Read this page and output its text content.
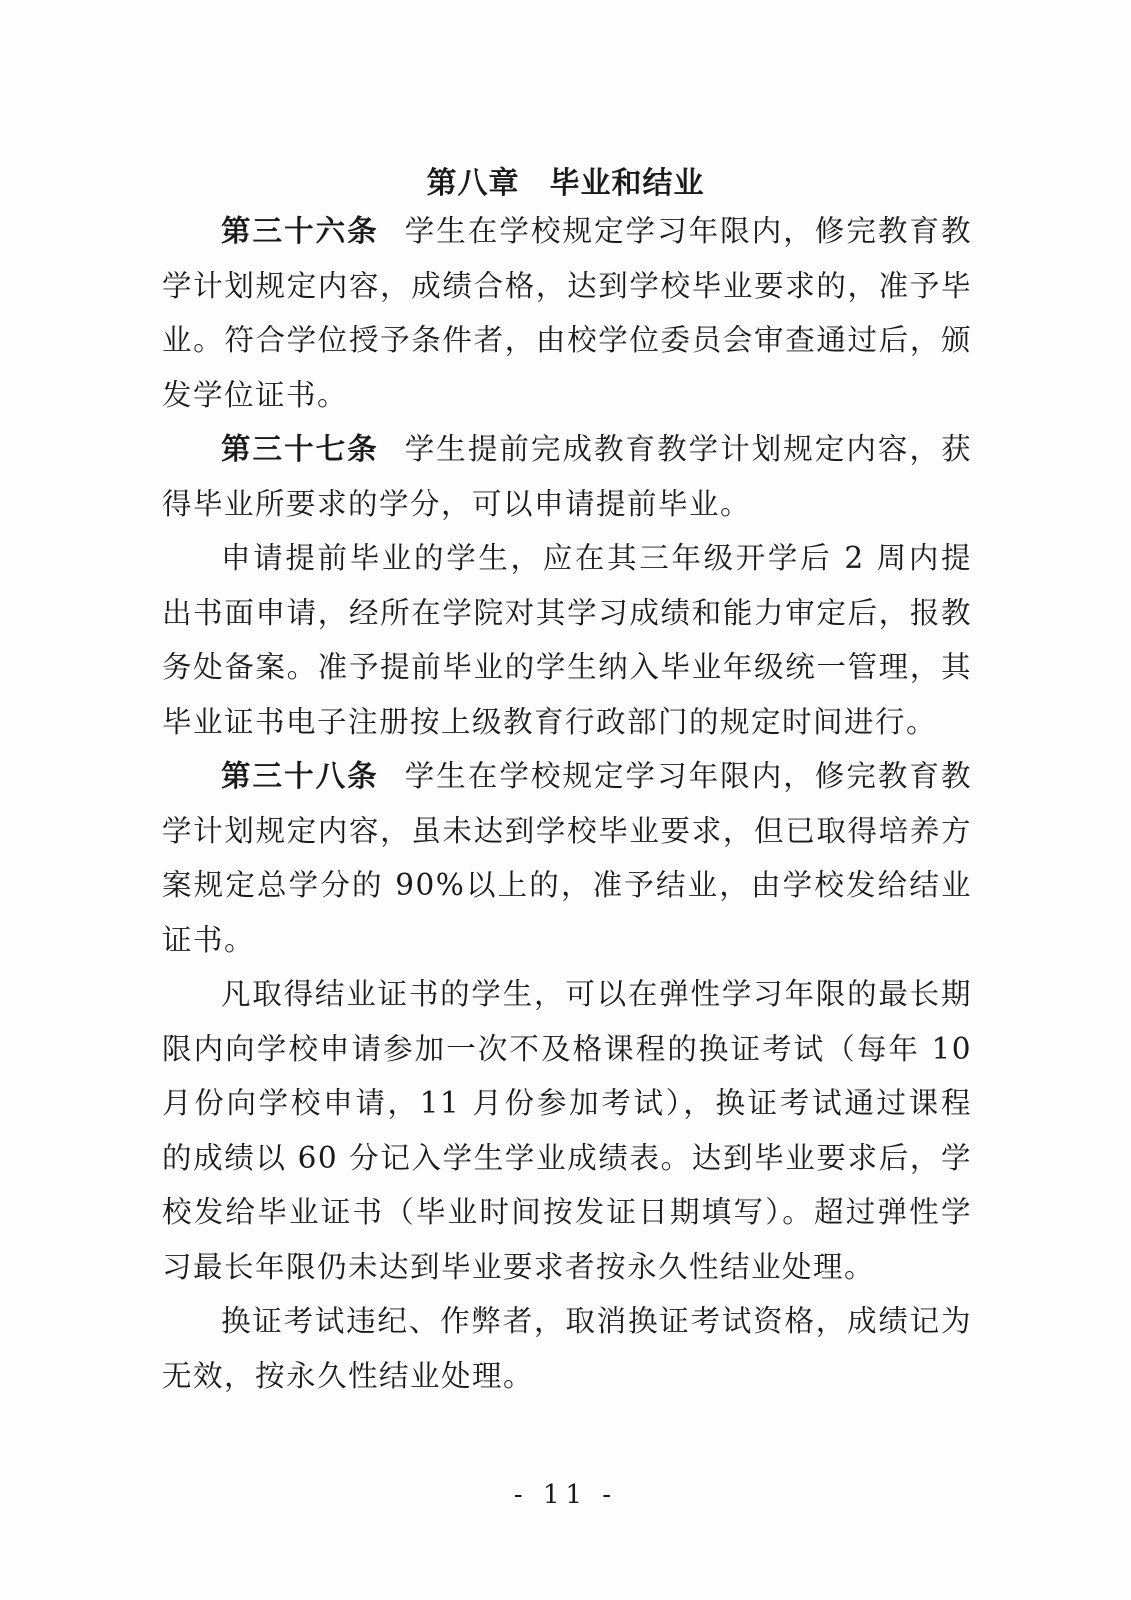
第八章 毕业和结业

第三十六条 学生在学校规定学习年限内，修完教育教学计划规定内容，成绩合格，达到学校毕业要求的，准予毕业。符合学位授予条件者，由校学位委员会审查通过后，颁发学位证书。

第三十七条 学生提前完成教育教学计划规定内容，获得毕业所要求的学分，可以申请提前毕业。

申请提前毕业的学生，应在其三年级开学后 2 周内提出书面申请，经所在学院对其学习成绩和能力审定后，报教务处备案。准予提前毕业的学生纳入毕业年级统一管理，其毕业证书电子注册按上级教育行政部门的规定时间进行。

第三十八条 学生在学校规定学习年限内，修完教育教学计划规定内容，虽未达到学校毕业要求，但已取得培养方案规定总学分的 90%以上的，准予结业，由学校发给结业证书。

凡取得结业证书的学生，可以在弹性学习年限的最长期限内向学校申请参加一次不及格课程的换证考试（每年 10 月份向学校申请，11 月份参加考试），换证考试通过课程的成绩以 60 分记入学生学业成绩表。达到毕业要求后，学校发给毕业证书（毕业时间按发证日期填写）。超过弹性学习最长年限仍未达到毕业要求者按永久性结业处理。

换证考试违纪、作弊者，取消换证考试资格，成绩记为无效，按永久性结业处理。

- 11 -
